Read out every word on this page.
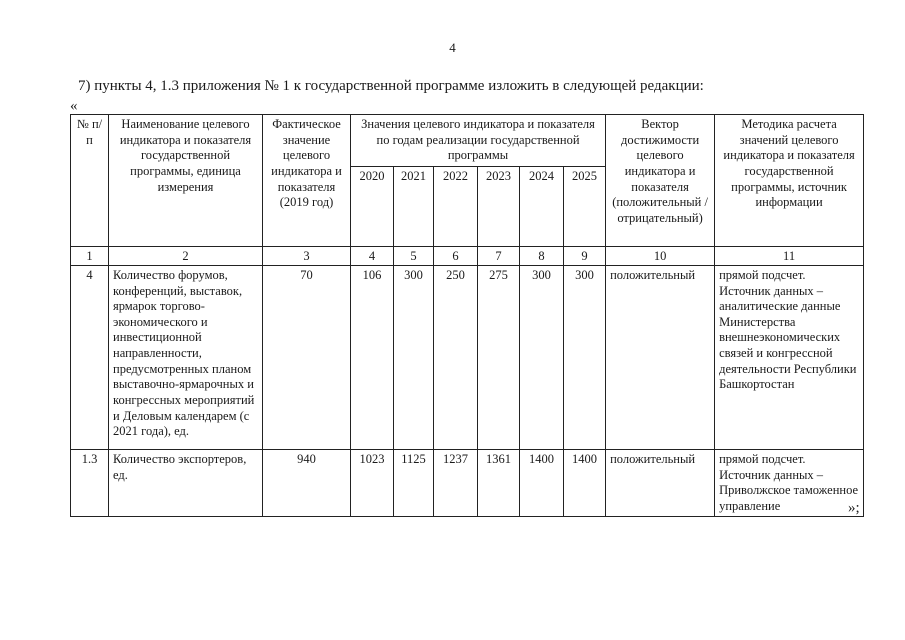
4
7) пункты 4, 1.3 приложения № 1 к государственной программе изложить в следующей редакции:
«
№ п/п	Наименование целевого индикатора и показателя государственной программы, единица измерения	Фактическое значение целевого индикатора и показателя (2019 год)	Значения целевого индикатора и показателя по годам реализации государственной программы						Вектор достижимости целевого индикатора и показателя (положительный /отрицательный)	Методика расчета значений целевого индикатора и показателя государственной программы, источник информации
			2020	2021	2022	2023	2024	2025		
1	2	3	4	5	6	7	8	9	10	11
4	Количество форумов, конференций, выставок, ярмарок торгово-экономического и инвестиционной направленности, предусмотренных планом выставочно-ярмарочных и конгрессных мероприятий и Деловым календарем (с 2021 года), ед.	70	106	300	250	275	300	300	положительный	прямой подсчет. Источник данных – аналитические данные Министерства внешнеэкономических связей и конгрессной деятельности Республики Башкортостан
1.3	Количество экспортеров, ед.	940	1023	1125	1237	1361	1400	1400	положительный	прямой подсчет. Источник данных – Приволжское таможенное управление	»;
